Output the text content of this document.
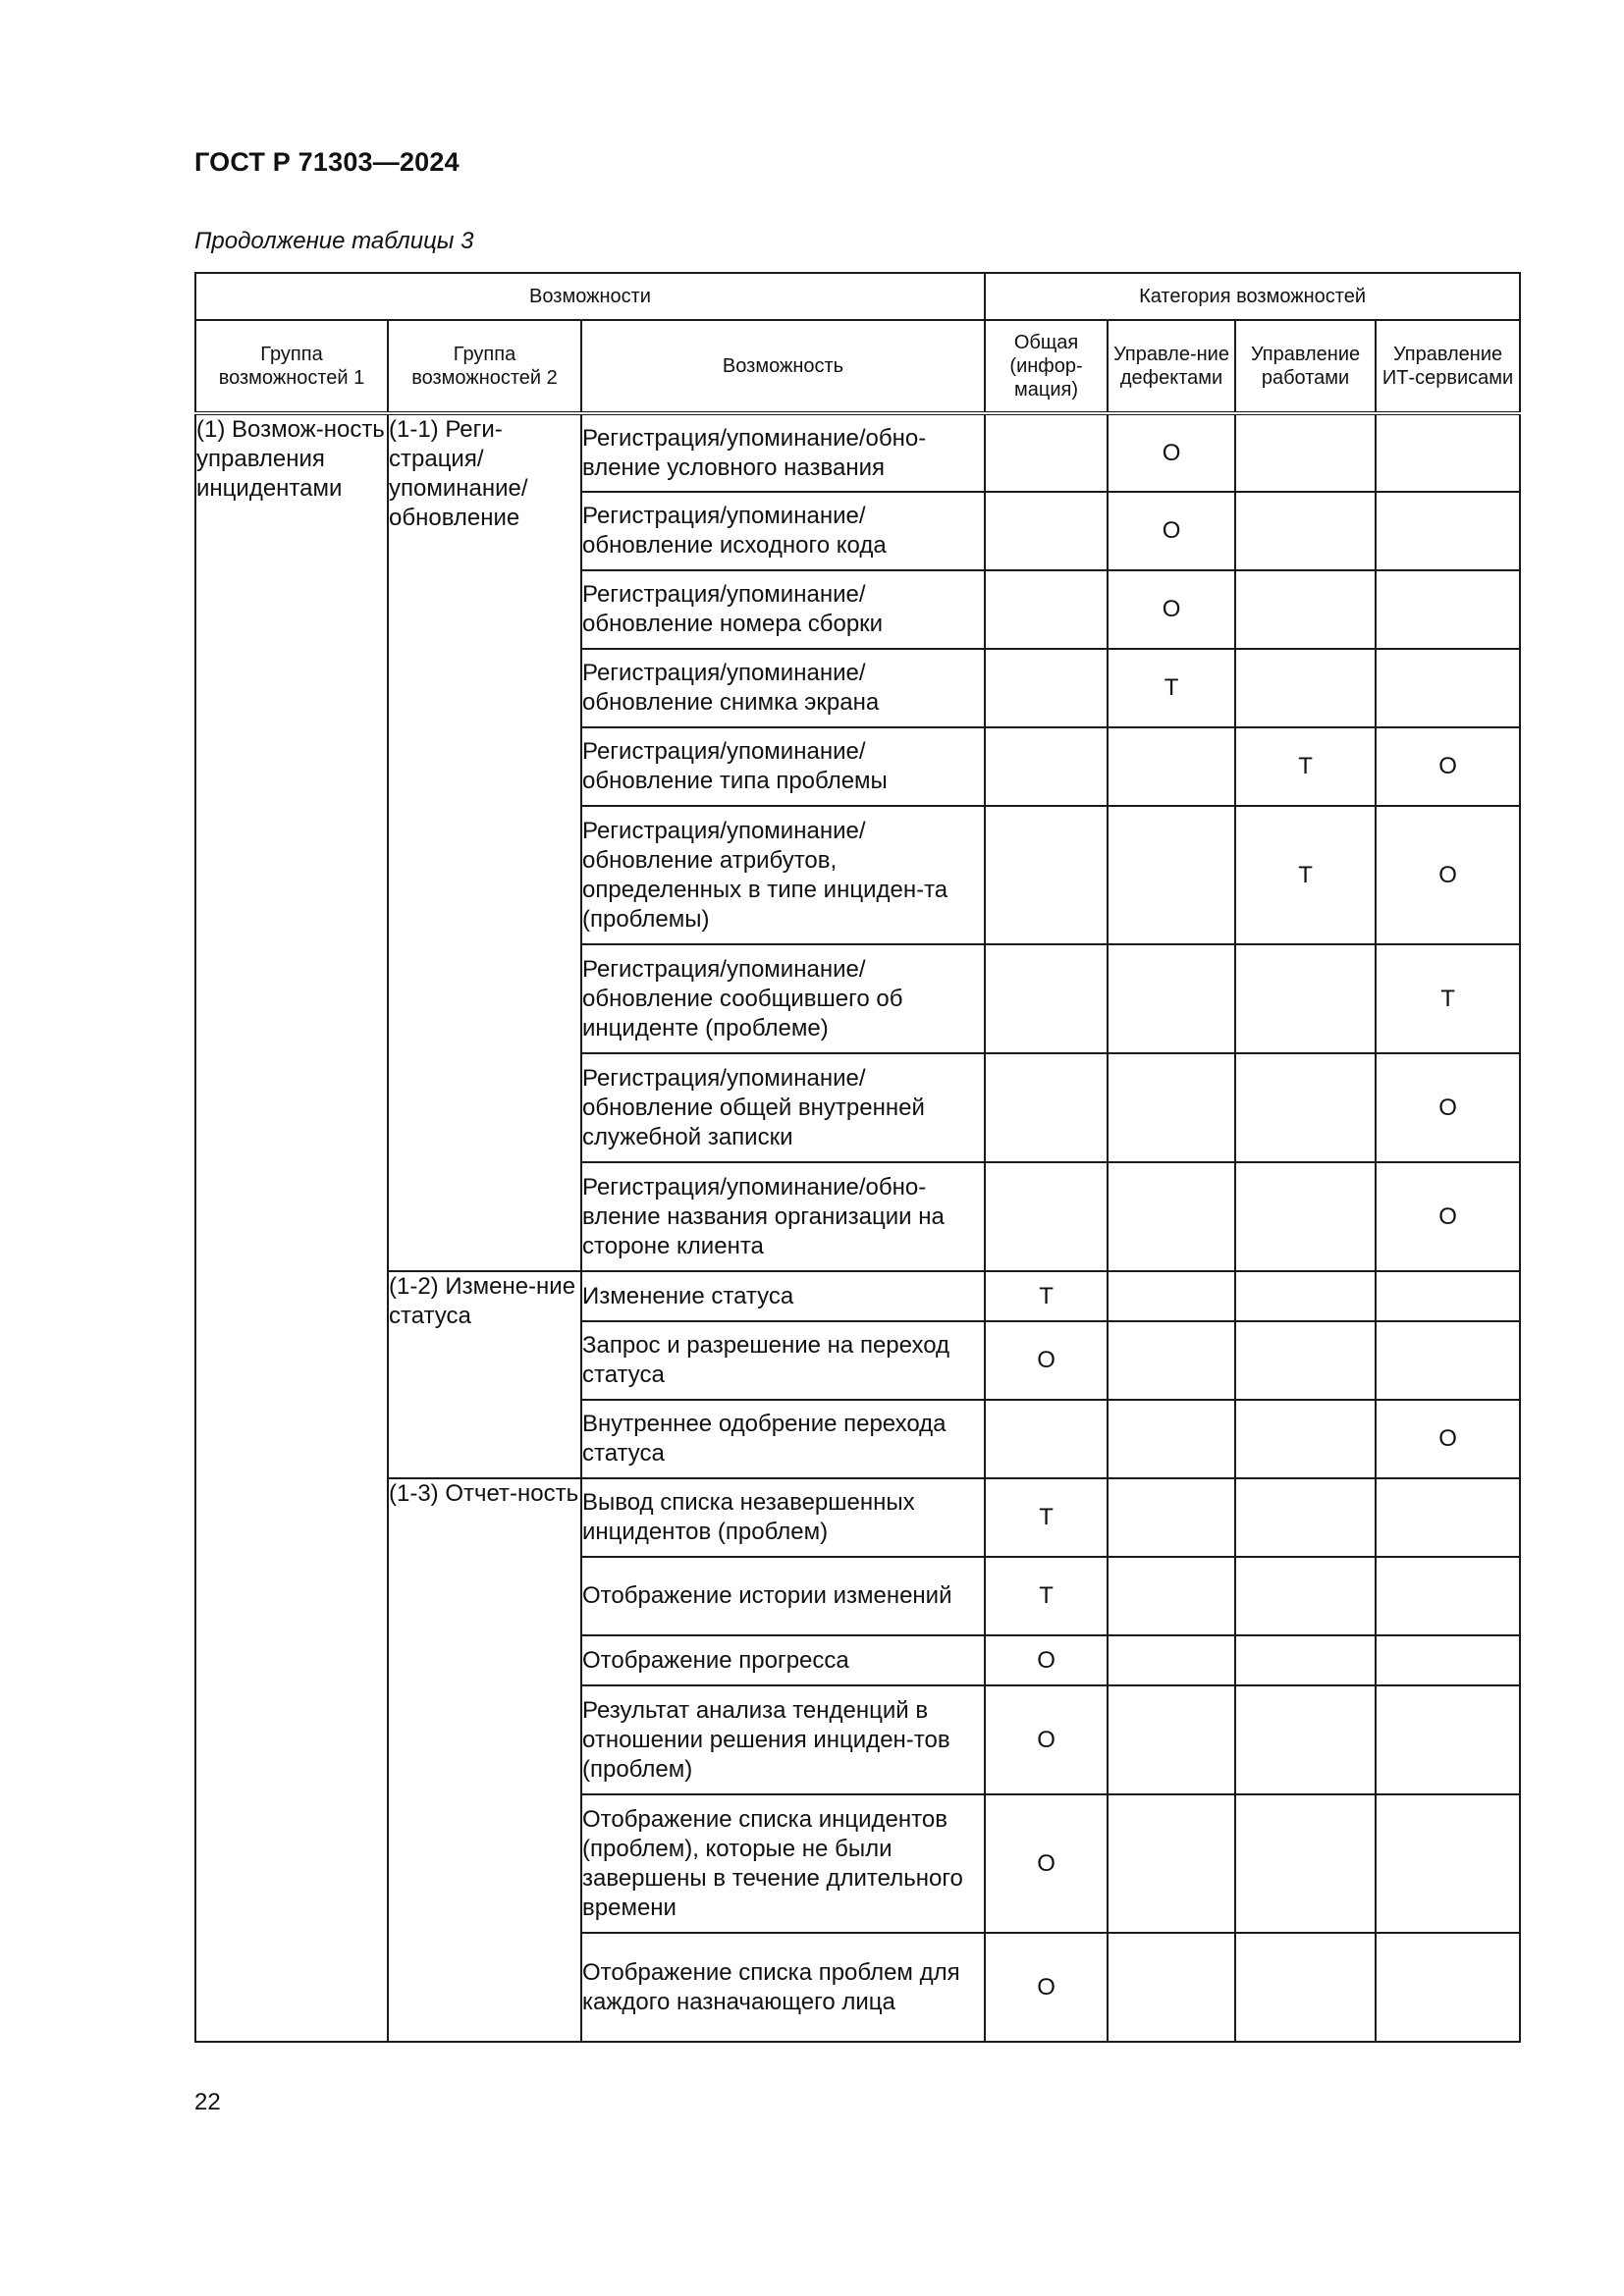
ГОСТ Р 71303—2024
Продолжение таблицы 3
Возможности			Категория возможностей			
Группа возможностей 1	Группа возможностей 2	Возможность	Общая (инфор-мация)	Управле-ние дефектами	Управление работами	Управление ИТ-сервисами
(1) Возмож-ность управления инцидентами	(1-1) Реги-страция/ упоминание/ обновление	Регистрация/упоминание/обно-вление условного названия		О		
		Регистрация/упоминание/ обновление исходного кода		О		
		Регистрация/упоминание/ обновление номера сборки		О		
		Регистрация/упоминание/ обновление снимка экрана		Т		
		Регистрация/упоминание/ обновление типа проблемы			Т	О
		Регистрация/упоминание/ обновление атрибутов, определенных в типе инциден-та (проблемы)			Т	О
		Регистрация/упоминание/ обновление сообщившего об инциденте (проблеме)				Т
		Регистрация/упоминание/ обновление общей внутренней служебной записки				О
		Регистрация/упоминание/обно-вление названия организации на стороне клиента				О
	(1-2) Измене-ние статуса	Изменение статуса	Т			
		Запрос и разрешение на переход статуса	О			
		Внутреннее одобрение перехода статуса				О
	(1-3) Отчет-ность	Вывод списка незавершенных инцидентов (проблем)	Т			
		Отображение истории изменений	Т			
		Отображение прогресса	О			
		Результат анализа тенденций в отношении решения инциден-тов (проблем)	О			
		Отображение списка инцидентов (проблем), которые не были завершены в течение длительного времени	О			
		Отображение списка проблем для каждого назначающего лица	О			
22
